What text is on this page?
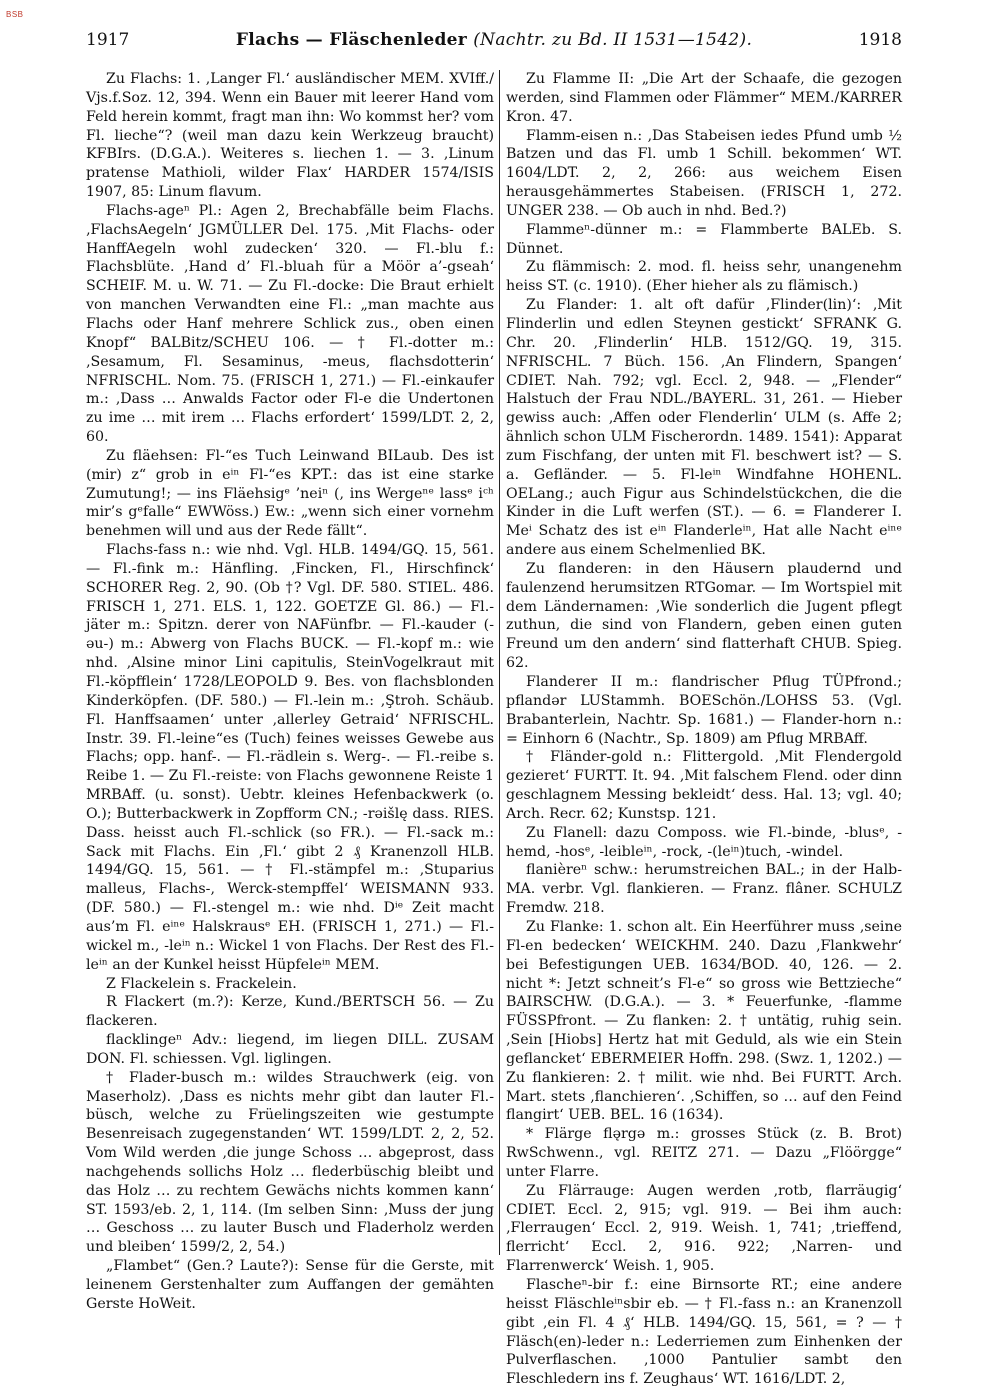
BSB
1917	Flachs — Fläschenleder (Nachtr. zu Bd. II 1531—1542).	1918

Zu Flachs: 1. ‚Langer Fl.‘ ausländischer MEM. XVIff./ Vjs.f.Soz. 12, 394. Wenn ein Bauer mit leerer Hand vom Feld herein kommt, fragt man ihn: Wo kommst her? vom Fl. lieche“? (weil man dazu kein Werkzeug braucht) KFBIrs. (D.G.A.). Weiteres s. liechen 1. — 3. ‚Linum pratense Mathioli, wilder Flax‘ HARDER 1574/ISIS 1907, 85: Linum flavum.

Flachs-ageⁿ Pl.: Agen 2, Brechabfälle beim Flachs. ‚FlachsAegeln‘ JGMÜLLER Del. 175. ‚Mit Flachs- oder HanffAegeln wohl zudecken‘ 320. — Fl.-blu f.: Flachsblüte. ‚Hand d’ Fl.-bluah für a Möör a’-gseah‘ SCHEIF. M. u. W. 71. — Zu Fl.-docke: Die Braut erhielt von manchen Verwandten eine Fl.: „man machte aus Flachs oder Hanf mehrere Schlick zus., oben einen Knopf“ BALBitz/SCHEU 106. — † Fl.-dotter m.: ‚Sesamum, Fl. Sesaminus, -meus, flachsdotterin‘ NFRISCHL. Nom. 75. (FRISCH 1, 271.) — Fl.-einkaufer m.: ‚Dass … Anwalds Factor oder Fl-e die Undertonen zu ime … mit irem … Flachs erfordert‘ 1599/LDT. 2, 2, 60.

Zu fläehsen: Fl-“es Tuch Leinwand BILaub. Des ist (mir) z“ grob in eⁱⁿ Fl-“es KPT.: das ist eine starke Zumutung!; — ins Fläehsigᵉ ’neiⁿ (, ins Wergeⁿᵉ lassᵉ iᶜʰ mir’s gᵉfalle“ EWWöss.) Ew.: „wenn sich einer vornehm benehmen will und aus der Rede fällt“.

Flachs-fass n.: wie nhd. Vgl. HLB. 1494/GQ. 15, 561. — Fl.-fink m.: Hänfling. ‚Fincken, Fl., Hirschfinck‘ SCHORER Reg. 2, 90. (Ob †? Vgl. DF. 580. STIEL. 486. FRISCH 1, 271. ELS. 1, 122. GOETZE Gl. 86.) — Fl.-jäter m.: Spitzn. derer von NAFünfbr. — Fl.-kauder (-əu-) m.: Abwerg von Flachs BUCK. — Fl.-kopf m.: wie nhd. ‚Alsine minor Lini capitulis, SteinVogelkraut mit Fl.-köpfflein‘ 1728/LEOPOLD 9. Bes. von flachsblonden Kinderköpfen. (DF. 580.) — Fl.-lein m.: ‚Ştroh. Schäub. Fl. Hanffsaamen‘ unter ‚allerley Getraid‘ NFRISCHL. Instr. 39. Fl.-leine“es (Tuch) feines weisses Gewebe aus Flachs; opp. hanf-. — Fl.-rädlein s. Werg-. — Fl.-reibe s. Reibe 1. — Zu Fl.-reiste: von Flachs gewonnene Reiste 1 MRBAff. (u. sonst). Uebtr. kleines Hefenbackwerk (o. O.); Butterbackwerk in Zopfform CN.; -rəišlę dass. RIES. Dass. heisst auch Fl.-schlick (so FR.). — Fl.-sack m.: Sack mit Flachs. Ein ‚Fl.‘ gibt 2 ₰ Kranenzoll HLB. 1494/GQ. 15, 561. — † Fl.-stämpfel m.: ‚Stuparius malleus, Flachs-, Werck-stempffel‘ WEISMANN 933. (DF. 580.) — Fl.-stengel m.: wie nhd. Dⁱᵉ Zeit macht aus’m Fl. eⁱⁿᵉ Halskrausᵉ EH. (FRISCH 1, 271.) — Fl.-wickel m., -leⁱⁿ n.: Wickel 1 von Flachs. Der Rest des Fl.-leⁱⁿ an der Kunkel heisst Hüpfeleⁱⁿ MEM.

Z Flackelein s. Frackelein.

R Flackert (m.?): Kerze, Kund./BERTSCH 56. — Zu flackeren.

flacklingeⁿ Adv.: liegend, im liegen DILL. ZUSAM DON. Fl. schiessen. Vgl. liglingen.

† Flader-busch m.: wildes Strauchwerk (eig. von Maserholz). ‚Dass es nichts mehr gibt dan lauter Fl.-büsch, welche zu Früelingszeiten wie gestumpte Besenreisach zugegenstanden‘ WT. 1599/LDT. 2, 2, 52. Vom Wild werden ‚die junge Schoss … abgeprost, dass nachgehends sollichs Holz … flederbüschig bleibt und das Holz … zu rechtem Gewächs nichts kommen kann‘ ST. 1593/eb. 2, 1, 114. (Im selben Sinn: ‚Muss der jung … Geschoss … zu lauter Busch und Fladerholz werden und bleiben‘ 1599/2, 2, 54.)

„Flambet“ (Gen.? Laute?): Sense für die Gerste, mit leinenem Gerstenhalter zum Auffangen der gemähten Gerste HoWeit.

Zu Flamme II: „Die Art der Schaafe, die gezogen werden, sind Flammen oder Flämmer“ MEM./KARRER Kron. 47.

Flamm-eisen n.: ‚Das Stabeisen iedes Pfund umb ½ Batzen und das Fl. umb 1 Schill. bekommen‘ WT. 1604/LDT. 2, 2, 266: aus weichem Eisen herausgehämmertes Stabeisen. (FRISCH 1, 272. UNGER 238. — Ob auch in nhd. Bed.?)

Flammeⁿ-dünner m.: = Flammberte BALEb. S. Dünnet.

Zu flämmisch: 2. mod. fl. heiss sehr, unangenehm heiss ST. (c. 1910). (Eher hieher als zu flämisch.)

Zu Flander: 1. alt oft dafür ‚Flinder(lin)‘: ‚Mit Flinderlin und edlen Steynen gestickt‘ SFRANK G. Chr. 20. ‚Flinderlin‘ HLB. 1512/GQ. 19, 315. NFRISCHL. 7 Büch. 156. ‚An Flindern, Spangen‘ CDIET. Nah. 792; vgl. Eccl. 2, 948. — „Flender“ Halstuch der Frau NDL./BAYERL. 31, 261. — Hieber gewiss auch: ‚Affen oder Flenderlin‘ ULM (s. Affe 2; ähnlich schon ULM Fischerordn. 1489. 1541): Apparat zum Fischfang, der unten mit Fl. beschwert ist? — S. a. Gefländer. — 5. Fl-leⁱⁿ Windfahne HOHENL. OELang.; auch Figur aus Schindelstückchen, die die Kinder in die Luft werfen (ST.). — 6. = Flanderer I. Meⁱ Schatz des ist eⁱⁿ Flanderleⁱⁿ, Hat alle Nacht eⁱⁿᵉ andere aus einem Schelmenlied BK.

Zu flanderen: in den Häusern plaudernd und faulenzend herumsitzen RTGomar. — Im Wortspiel mit dem Ländernamen: ‚Wie sonderlich die Jugent pflegt zuthun, die sind von Flandern, geben einen guten Freund um den andern‘ sind flatterhaft CHUB. Spieg. 62.

Flanderer II m.: flandrischer Pflug TÜPfrond.; pflandər LUStammh. BOESchön./LOHSS 53. (Vgl. Brabanterlein, Nachtr. Sp. 1681.) — Flander-horn n.: = Einhorn 6 (Nachtr., Sp. 1809) am Pflug MRBAff.

† Fländer-gold n.: Flittergold. ‚Mit Flendergold gezieret‘ FURTT. It. 94. ‚Mit falschem Flend. oder dinn geschlagnem Messing bekleidt‘ dess. Hal. 13; vgl. 40; Arch. Recr. 62; Kunstsp. 121.

Zu Flanell: dazu Composs. wie Fl.-binde, -blusᵉ, -hemd, -hosᵉ, -leibleⁱⁿ, -rock, -(leⁱⁿ)tuch, -windel.

flanièreⁿ schw.: herumstreichen BAL.; in der Halb-MA. verbr. Vgl. flankieren. — Franz. flâner. SCHULZ Fremdw. 218.

Zu Flanke: 1. schon alt. Ein Heerführer muss ‚seine Fl-en bedecken‘ WEICKHM. 240. Dazu ‚Flankwehr‘ bei Befestigungen UEB. 1634/BOD. 40, 126. — 2. nicht *: Jetzt schneit’s Fl-e“ so gross wie Bettzieche“ BAIRSCHW. (D.G.A.). — 3. * Feuerfunke, -flamme FÜSSPfront. — Zu flanken: 2. † untätig, ruhig sein. ‚Sein [Hiobs] Hertz hat mit Geduld, als wie ein Stein geflancket‘ EBERMEIER Hoffn. 298. (Swz. 1, 1202.) — Zu flankieren: 2. † milit. wie nhd. Bei FURTT. Arch. Mart. stets ‚flanchieren‘. ‚Schiffen, so … auf den Feind flangirt‘ UEB. BEL. 16 (1634).

* Flärge flə̨rgə m.: grosses Stück (z. B. Brot) RwSchwenn., vgl. REITZ 271. — Dazu „Flöörgge“ unter Flarre.

Zu Flärrauge: Augen werden ‚rotb, flarräugig‘ CDIET. Eccl. 2, 915; vgl. 919. — Bei ihm auch: ‚Flerraugen‘ Eccl. 2, 919. Weish. 1, 741; ‚trieffend, flerricht‘ Eccl. 2, 916. 922; ‚Narren- und Flarrenwerck‘ Weish. 1, 905.

Flascheⁿ-bir f.: eine Birnsorte RT.; eine andere heisst Fläschleⁱⁿsbir eb. — † Fl.-fass n.: an Kranenzoll gibt ‚ein Fl. 4 ₰‘ HLB. 1494/GQ. 15, 561, = ? — † Fläsch(en)-leder n.: Lederriemen zum Einhenken der Pulverflaschen. ‚1000 Pantulier sambt den Fleschledern ins f. Zeughaus‘ WT. 1616/LDT. 2,
